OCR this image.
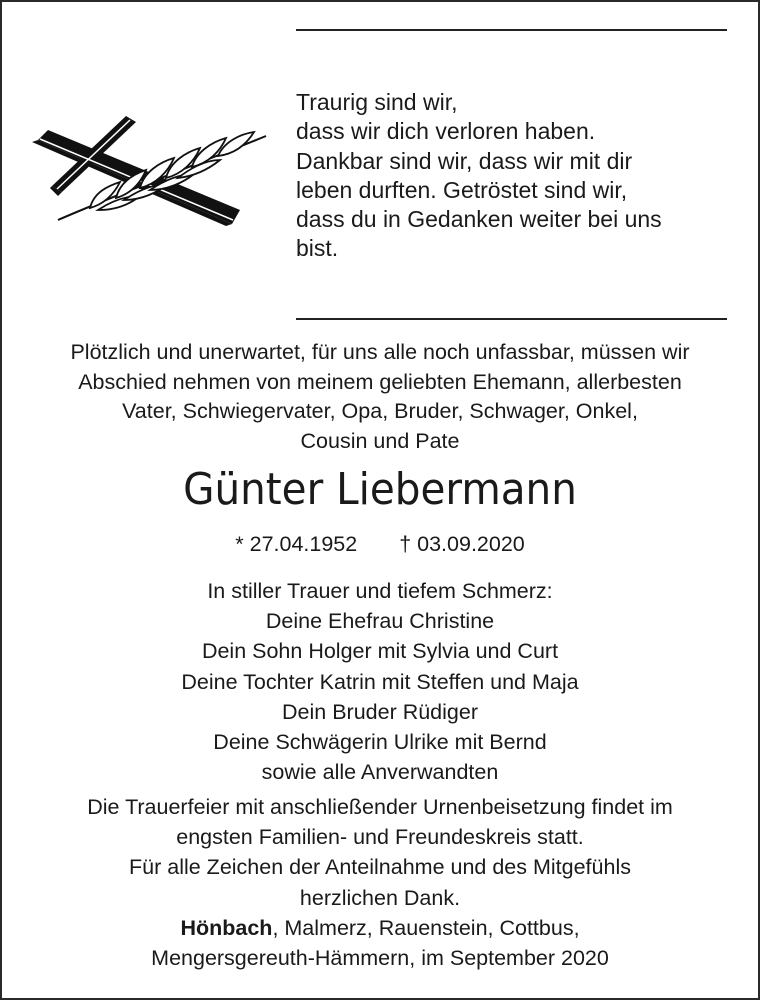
Traurig sind wir,
dass wir dich verloren haben.
Dankbar sind wir, dass wir mit dir
leben durften. Getröstet sind wir,
dass du in Gedanken weiter bei uns
bist.
Plötzlich und unerwartet, für uns alle noch unfassbar, müssen wir
Abschied nehmen von meinem geliebten Ehemann, allerbesten
Vater, Schwiegervater, Opa, Bruder, Schwager, Onkel,
Cousin und Pate
Günter Liebermann
* 27.04.1952 † 03.09.2020
In stiller Trauer und tiefem Schmerz:
Deine Ehefrau Christine
Dein Sohn Holger mit Sylvia und Curt
Deine Tochter Katrin mit Steffen und Maja
Dein Bruder Rüdiger
Deine Schwägerin Ulrike mit Bernd
sowie alle Anverwandten
Die Trauerfeier mit anschließender Urnenbeisetzung findet im
engsten Familien- und Freundeskreis statt.
Für alle Zeichen der Anteilnahme und des Mitgefühls
herzlichen Dank.
Hönbach, Malmerz, Rauenstein, Cottbus,
Mengersgereuth-Hämmern, im September 2020
